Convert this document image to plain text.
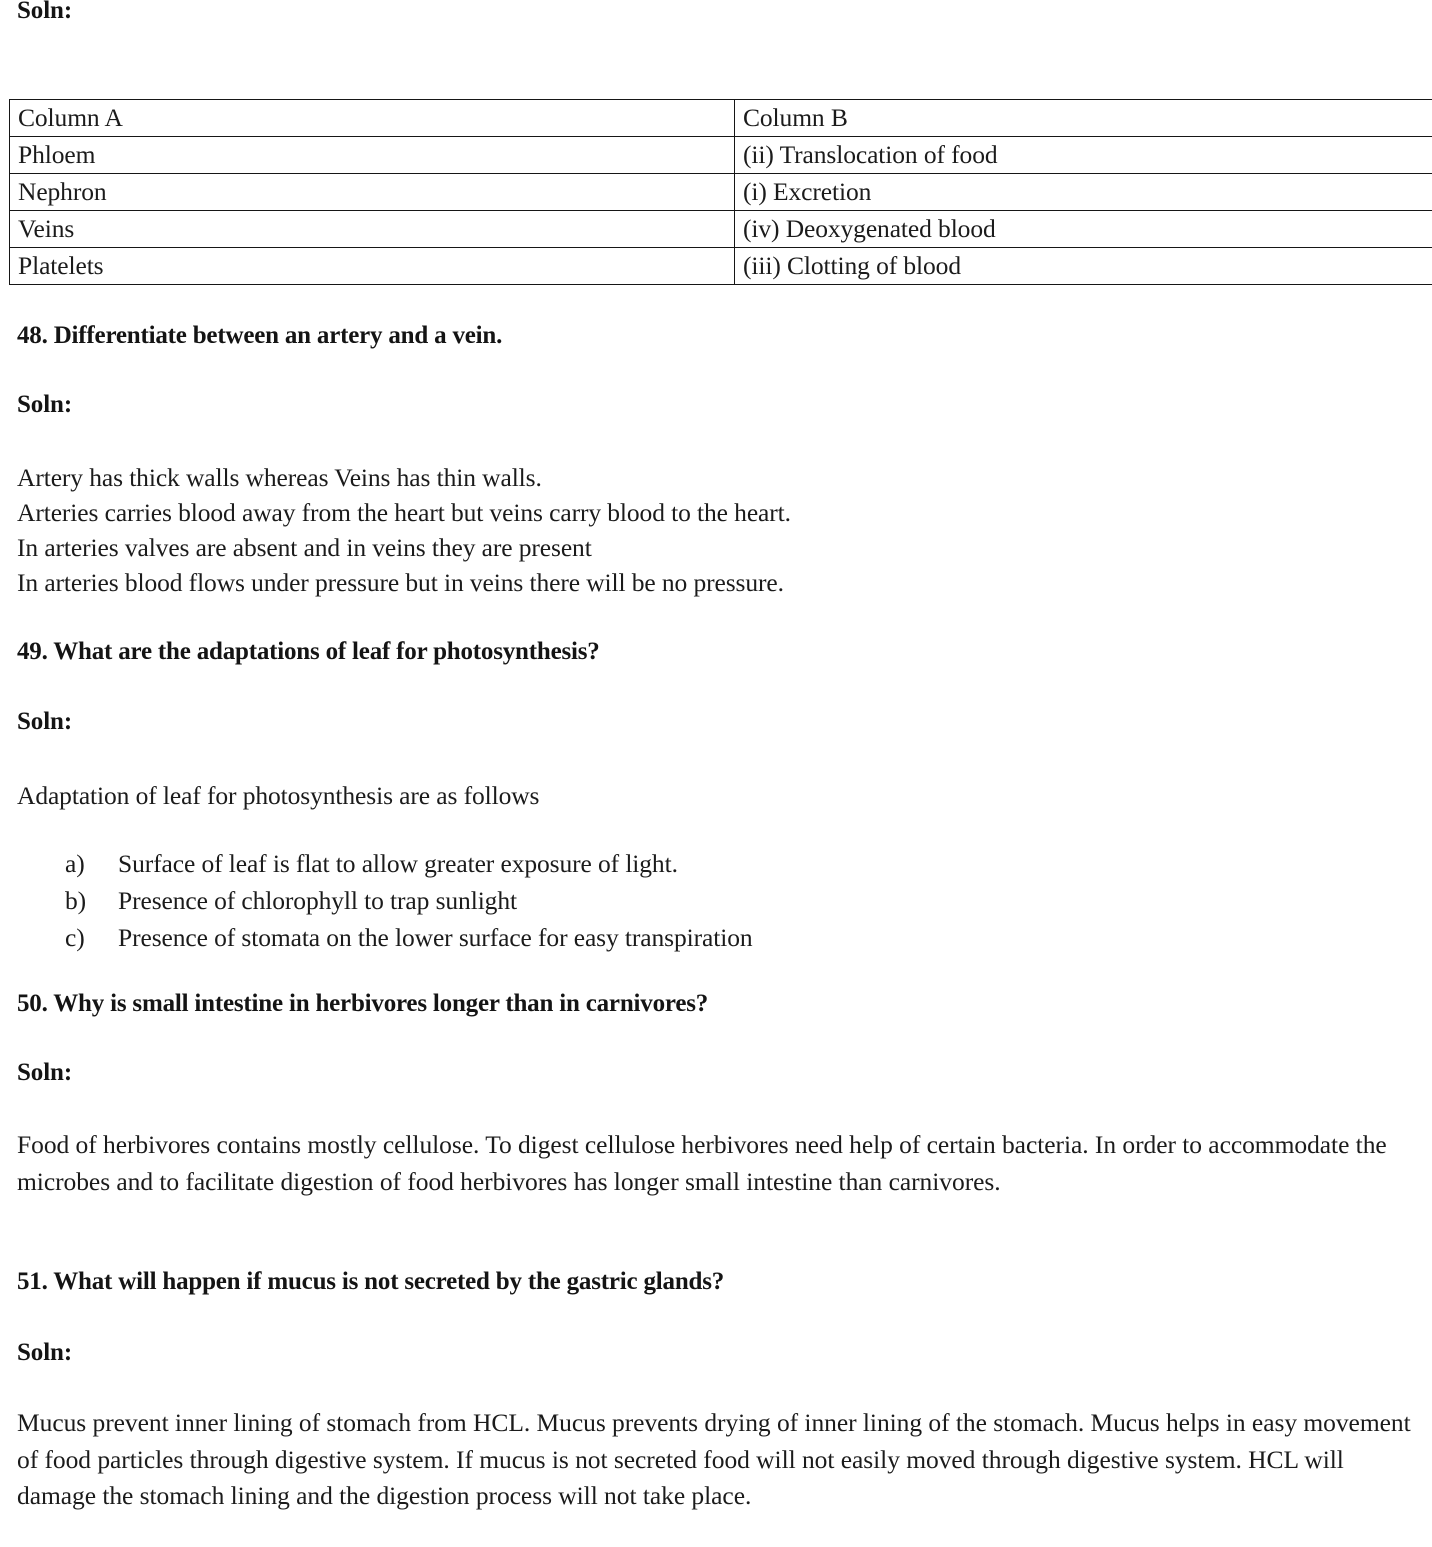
Soln:
Column A	Column B
Phloem	(ii) Translocation of food
Nephron	(i) Excretion
Veins	(iv) Deoxygenated blood
Platelets	(iii) Clotting of blood
48. Differentiate between an artery and a vein.
Soln:
Artery has thick walls whereas Veins has thin walls.
Arteries carries blood away from the heart but veins carry blood to the heart.
In arteries valves are absent and in veins they are present
In arteries blood flows under pressure but in veins there will be no pressure.
49. What are the adaptations of leaf for photosynthesis?
Soln:
Adaptation of leaf for photosynthesis are as follows
a)	Surface of leaf is flat to allow greater exposure of light.
b)	Presence of chlorophyll to trap sunlight
c)	Presence of stomata on the lower surface for easy transpiration
50. Why is small intestine in herbivores longer than in carnivores?
Soln:
Food of herbivores contains mostly cellulose. To digest cellulose herbivores need help of certain bacteria. In order to accommodate the microbes and to facilitate digestion of food herbivores has longer small intestine than carnivores.
51. What will happen if mucus is not secreted by the gastric glands?
Soln:
Mucus prevent inner lining of stomach from HCL. Mucus prevents drying of inner lining of the stomach. Mucus helps in easy movement of food particles through digestive system. If mucus is not secreted food will not easily moved through digestive system. HCL will damage the stomach lining and the digestion process will not take place.
